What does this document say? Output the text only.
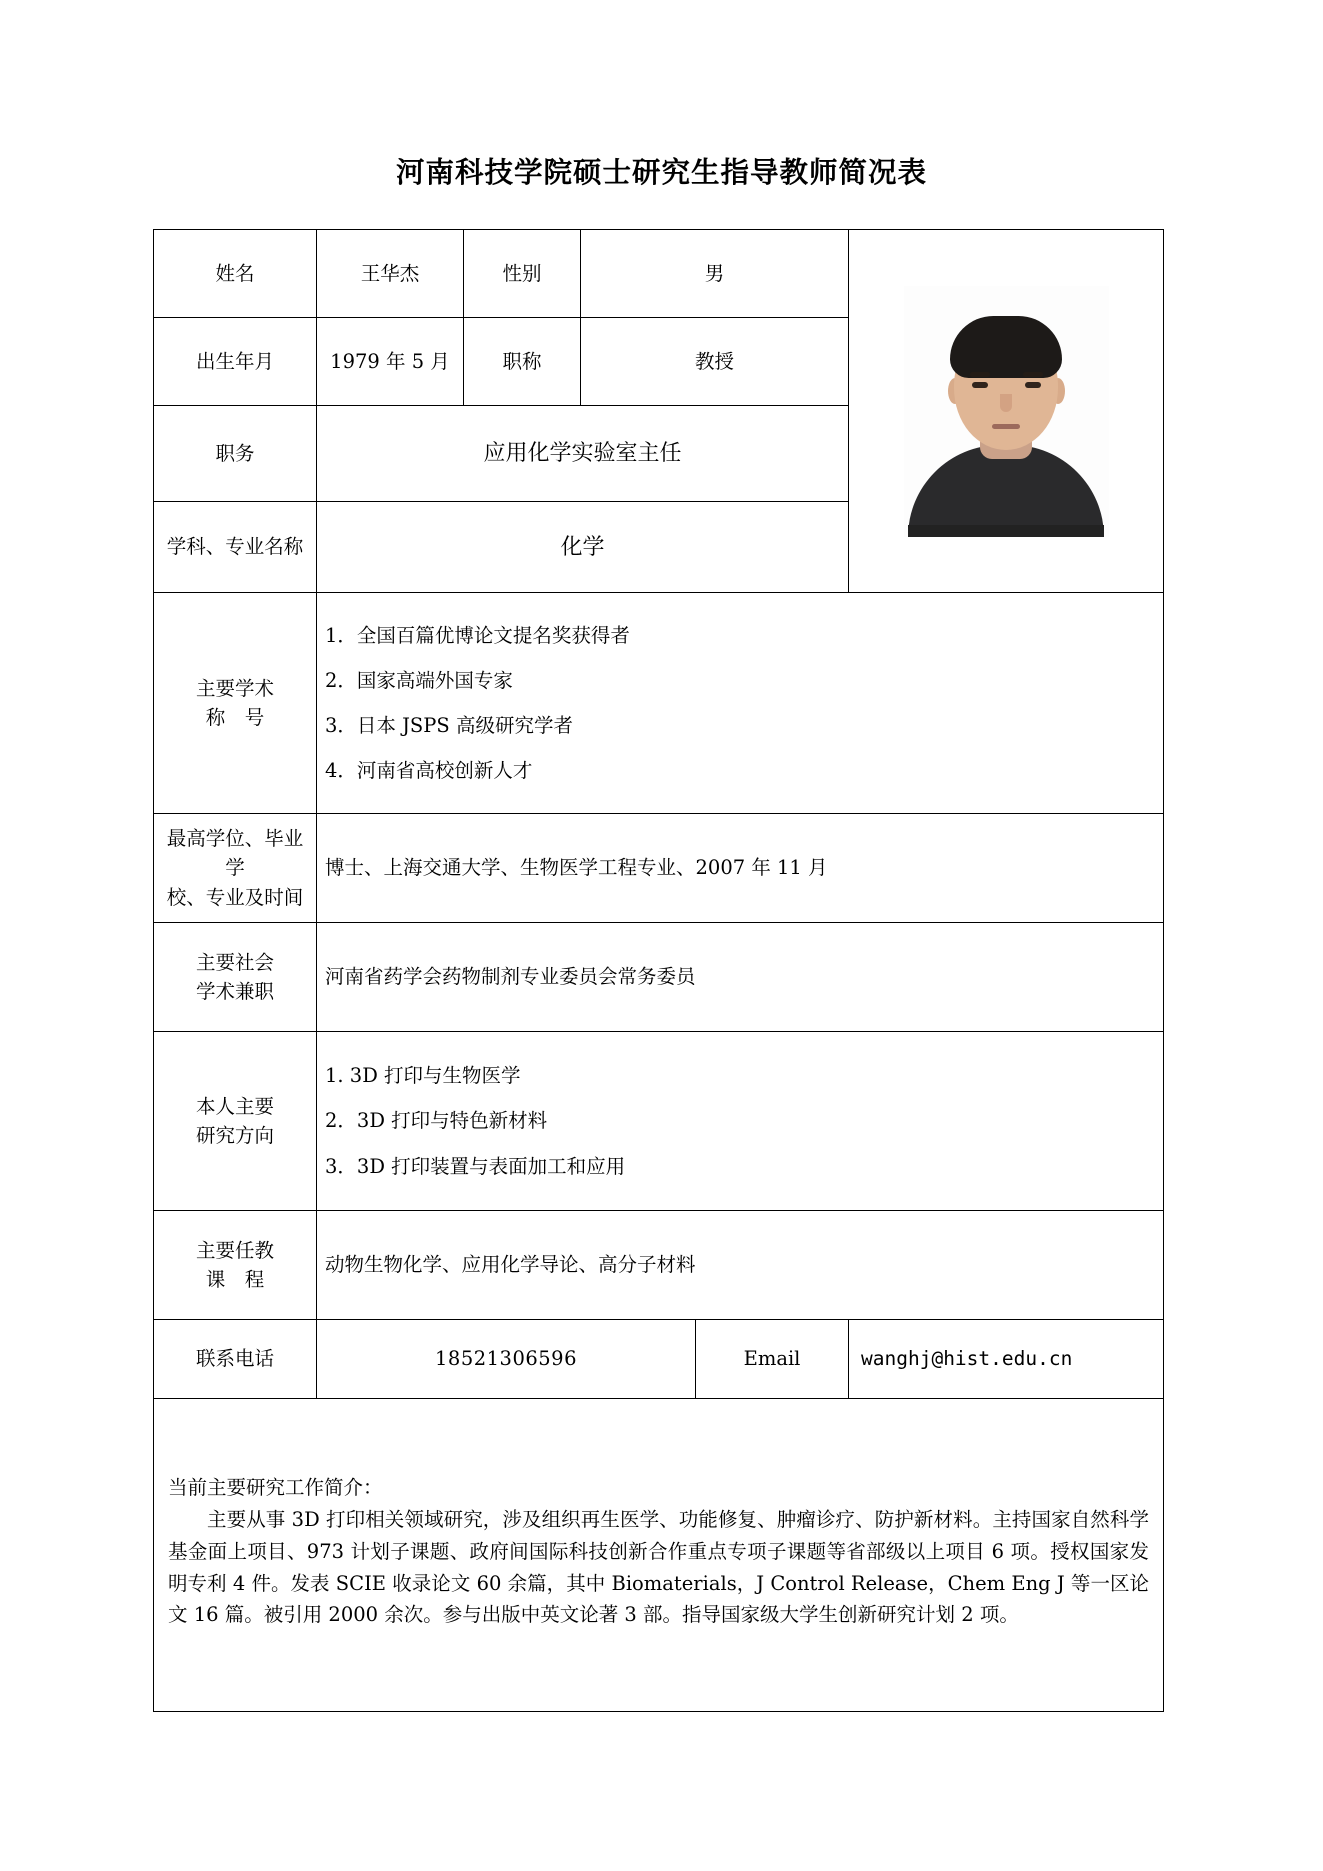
河南科技学院硕士研究生指导教师简况表
姓名	王华杰	性别	男		

出生年月	1979 年 5 月	职称	教授		
职务	应用化学实验室主任				
学科、专业名称	化学				

主要学术
称　号

1．全国百篇优博论文提名奖获得者
2．国家高端外国专家
3．日本 JSPS 高级研究学者
4．河南省高校创新人才

最高学位、毕业学
校、专业及时间	博士、上海交通大学、生物医学工程专业、2007 年 11 月				

主要社会
学术兼职	河南省药学会药物制剂专业委员会常务委员				

本人主要
研究方向

1. 3D 打印与生物医学
2．3D 打印与特色新材料
3．3D 打印装置与表面加工和应用

主要任教
课　程	动物生物化学、应用化学导论、高分子材料				
联系电话	18521306596			Email	wanghj@hist.edu.cn

当前主要研究工作简介：
主要从事 3D 打印相关领域研究，涉及组织再生医学、功能修复、肿瘤诊疗、防护新材料。主持国家自然科学基金面上项目、973 计划子课题、政府间国际科技创新合作重点专项子课题等省部级以上项目 6 项。授权国家发明专利 4 件。发表 SCIE 收录论文 60 余篇，其中 Biomaterials，J Control Release，Chem Eng J 等一区论文 16 篇。被引用 2000 余次。参与出版中英文论著 3 部。指导国家级大学生创新研究计划 2 项。					
